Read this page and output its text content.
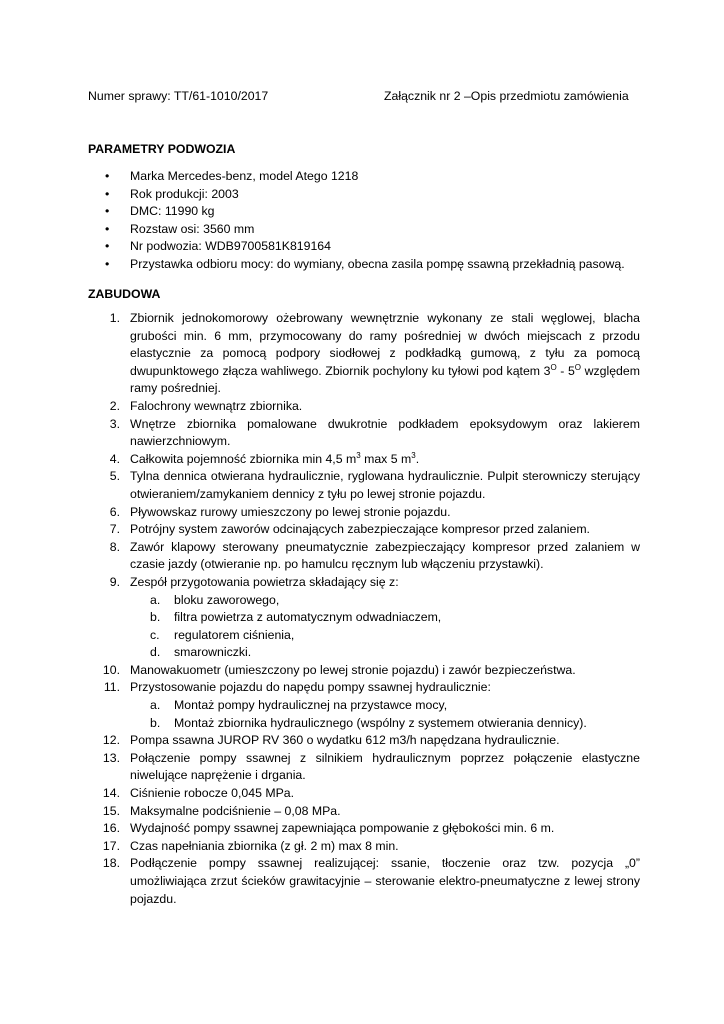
Numer sprawy: TT/61-1010/2017	Załącznik nr 2 –Opis przedmiotu zamówienia
PARAMETRY PODWOZIA
• Marka Mercedes-benz, model Atego 1218
• Rok produkcji: 2003
• DMC: 11990 kg
• Rozstaw osi: 3560 mm
• Nr podwozia: WDB9700581K819164
• Przystawka odbioru mocy: do wymiany, obecna zasila pompę ssawną przekładnią pasową.
ZABUDOWA
1. Zbiornik jednokomorowy ożebrowany wewnętrznie wykonany ze stali węglowej, blacha grubości min. 6 mm, przymocowany do ramy pośredniej w dwóch miejscach z przodu elastycznie za pomocą podpory siodłowej z podkładką gumową, z tyłu za pomocą dwupunktowego złącza wahliwego. Zbiornik pochylony ku tyłowi pod kątem $3^O - 5^O$ względem ramy pośredniej.
2. Falochrony wewnątrz zbiornika.
3. Wnętrze zbiornika pomalowane dwukrotnie podkładem epoksydowym oraz lakierem nawierzchniowym.
4. Całkowita pojemność zbiornika min 4,5 $m^3$ max 5 $m^3$.
5. Tylna dennica otwierana hydraulicznie, ryglowana hydraulicznie. Pulpit sterowniczy sterujący otwieraniem/zamykaniem dennicy z tyłu po lewej stronie pojazdu.
6. Pływowskaz rurowy umieszczony po lewej stronie pojazdu.
7. Potrójny system zaworów odcinających zabezpieczające kompresor przed zalaniem.
8. Zawór klapowy sterowany pneumatycznie zabezpieczający kompresor przed zalaniem w czasie jazdy (otwieranie np. po hamulcu ręcznym lub włączeniu przystawki).
9. Zespół przygotowania powietrza składający się z:
a. bloku zaworowego,
b. filtra powietrza z automatycznym odwadniaczem,
c. regulatorem ciśnienia,
d. smarowniczki.
10. Manowakuometr (umieszczony po lewej stronie pojazdu) i zawór bezpieczeństwa.
11. Przystosowanie pojazdu do napędu pompy ssawnej hydraulicznie:
a. Montaż pompy hydraulicznej na przystawce mocy,
b. Montaż zbiornika hydraulicznego (wspólny z systemem otwierania dennicy).
12. Pompa ssawna JUROP RV 360 o wydatku 612 m3/h napędzana hydraulicznie.
13. Połączenie pompy ssawnej z silnikiem hydraulicznym poprzez połączenie elastyczne niwelujące naprężenie i drgania.
14. Ciśnienie robocze 0,045 MPa.
15. Maksymalne podciśnienie – 0,08 MPa.
16. Wydajność pompy ssawnej zapewniająca pompowanie z głębokości min. 6 m.
17. Czas napełniania zbiornika (z gł. 2 m) max 8 min.
18. Podłączenie pompy ssawnej realizującej: ssanie, tłoczenie oraz tzw. pozycja „0” umożliwiająca zrzut ścieków grawitacyjnie – sterowanie elektro-pneumatyczne z lewej strony pojazdu.
